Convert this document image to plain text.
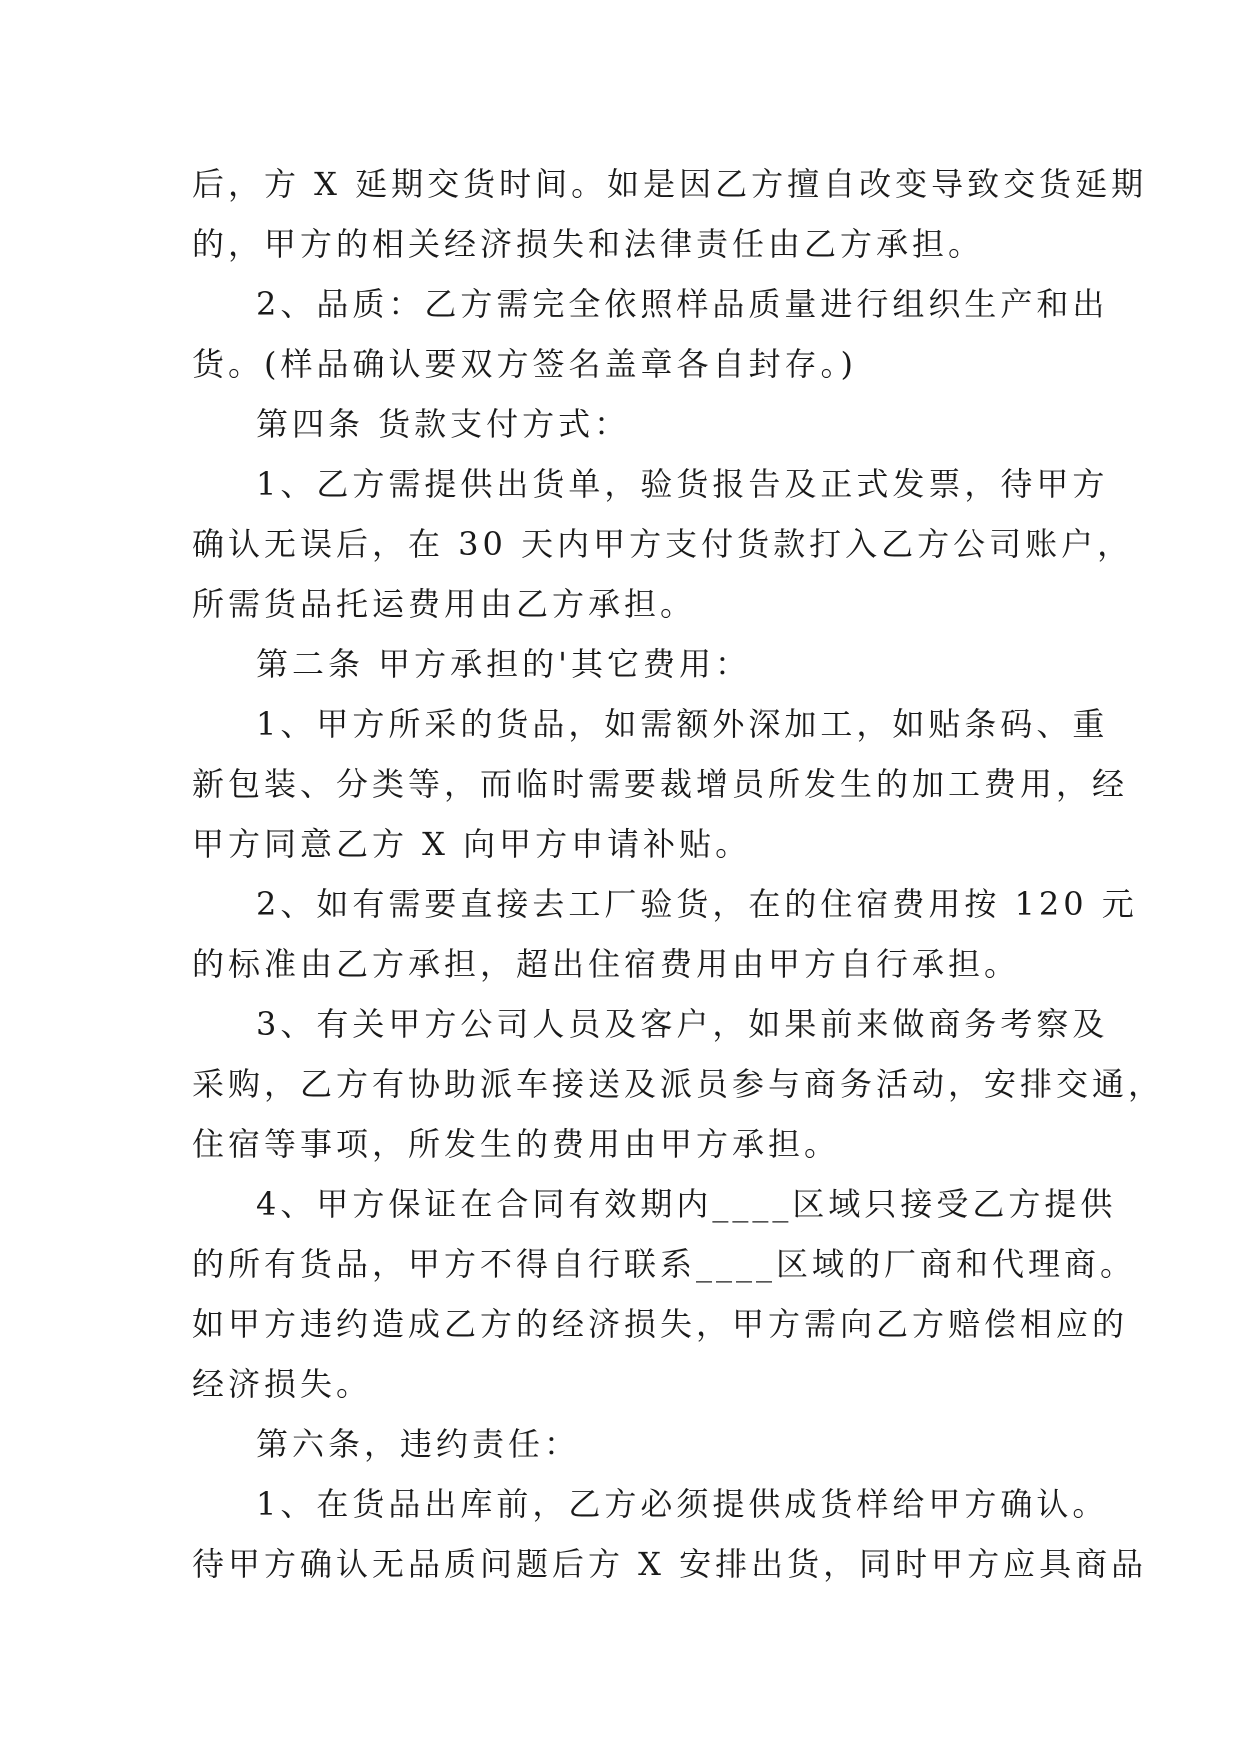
后，方 X 延期交货时间。如是因乙方擅自改变导致交货延期
的，甲方的相关经济损失和法律责任由乙方承担。
2、品质：乙方需完全依照样品质量进行组织生产和出
货。(样品确认要双方签名盖章各自封存。)
第四条 货款支付方式：
1、乙方需提供出货单，验货报告及正式发票，待甲方
确认无误后，在 30 天内甲方支付货款打入乙方公司账户，
所需货品托运费用由乙方承担。
第二条 甲方承担的'其它费用：
1、甲方所采的货品，如需额外深加工，如贴条码、重
新包装、分类等，而临时需要裁增员所发生的加工费用，经
甲方同意乙方 X 向甲方申请补贴。
2、如有需要直接去工厂验货，在的住宿费用按 120 元
的标准由乙方承担，超出住宿费用由甲方自行承担。
3、有关甲方公司人员及客户，如果前来做商务考察及
采购，乙方有协助派车接送及派员参与商务活动，安排交通，
住宿等事项，所发生的费用由甲方承担。
4、甲方保证在合同有效期内____区域只接受乙方提供
的所有货品，甲方不得自行联系____区域的厂商和代理商。
如甲方违约造成乙方的经济损失，甲方需向乙方赔偿相应的
经济损失。
第六条，违约责任：
1、在货品出库前，乙方必须提供成货样给甲方确认。
待甲方确认无品质问题后方 X 安排出货，同时甲方应具商品
